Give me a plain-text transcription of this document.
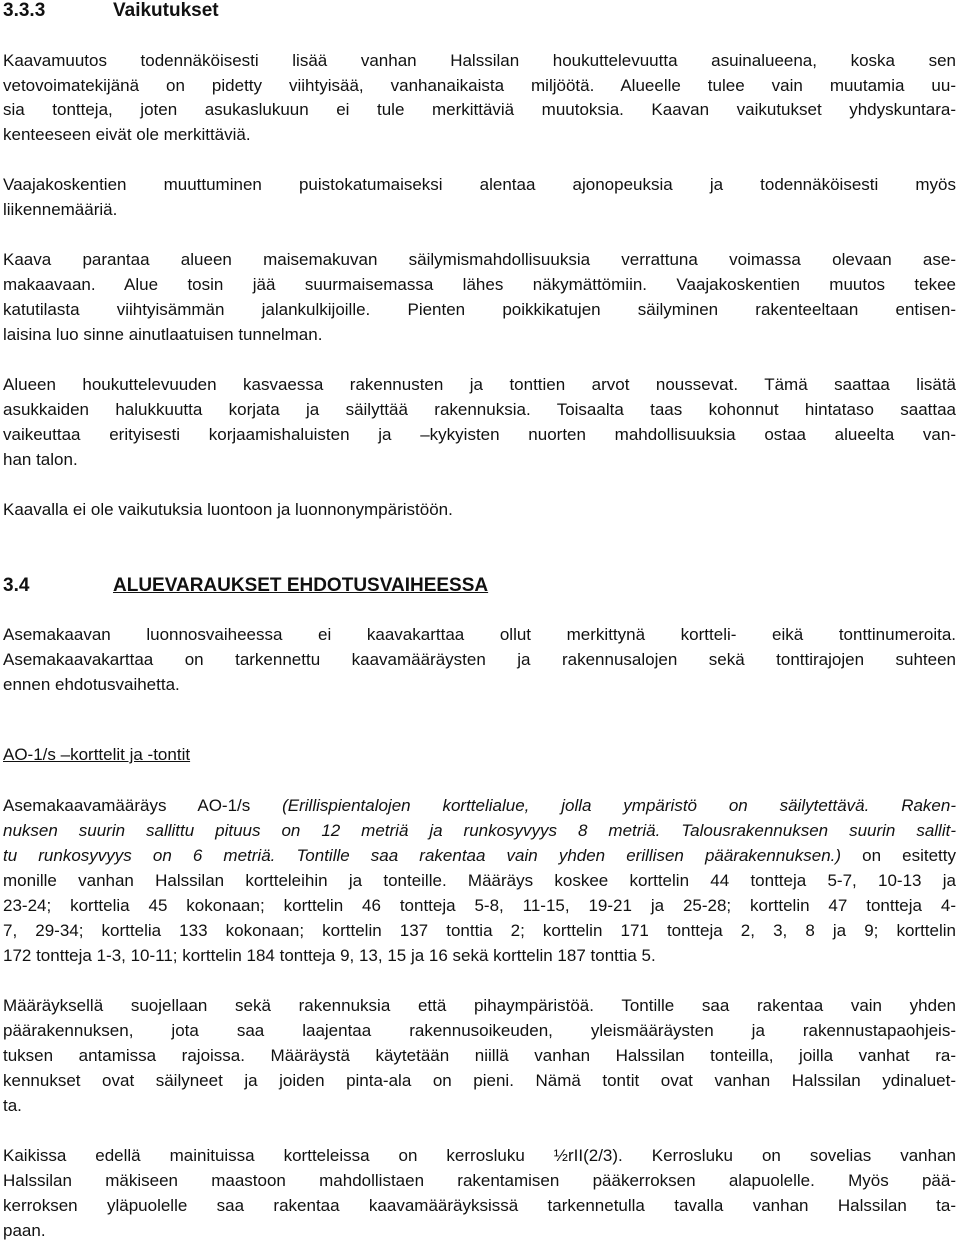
3.3.3	Vaikutukset
Kaavamuutos todennäköisesti lisää vanhan Halssilan houkuttelevuutta asuinalueena, koska sen
vetovoimatekijänä on pidetty viihtyisää, vanhanaikaista miljöötä. Alueelle tulee vain muutamia uu-
sia tontteja, joten asukaslukuun ei tule merkittäviä muutoksia. Kaavan vaikutukset yhdyskuntara-
kenteeseen eivät ole merkittäviä.
Vaajakoskentien muuttuminen puistokatumaiseksi alentaa ajonopeuksia ja todennäköisesti myös
liikennemääriä.
Kaava parantaa alueen maisemakuvan säilymismahdollisuuksia verrattuna voimassa olevaan ase-
makaavaan. Alue tosin jää suurmaisemassa lähes näkymättömiin. Vaajakoskentien muutos tekee
katutilasta viihtyisämmän jalankulkijoille. Pienten poikkikatujen säilyminen rakenteeltaan entisen-
laisina luo sinne ainutlaatuisen tunnelman.
Alueen houkuttelevuuden kasvaessa rakennusten ja tonttien arvot noussevat. Tämä saattaa lisätä
asukkaiden halukkuutta korjata ja säilyttää rakennuksia. Toisaalta taas kohonnut hintataso saattaa
vaikeuttaa erityisesti korjaamishaluisten ja –kykyisten nuorten mahdollisuuksia ostaa alueelta van-
han talon.
Kaavalla ei ole vaikutuksia luontoon ja luonnonympäristöön.
3.4	ALUEVARAUKSET EHDOTUSVAIHEESSA
Asemakaavan luonnosvaiheessa ei kaavakarttaa ollut merkittynä kortteli- eikä tonttinumeroita.
Asemakaavakarttaa on tarkennettu kaavamääräysten ja rakennusalojen sekä tonttirajojen suhteen
ennen ehdotusvaihetta.
AO-1/s –korttelit ja -tontit
Asemakaavamääräys AO-1/s (Erillispientalojen korttelialue, jolla ympäristö on säilytettävä. Raken-
nuksen suurin sallittu pituus on 12 metriä ja runkosyvyys 8 metriä. Talousrakennuksen suurin sallit-
tu runkosyvyys on 6 metriä. Tontille saa rakentaa vain yhden erillisen päärakennuksen.) on esitetty
monille vanhan Halssilan kortteleihin ja tonteille. Määräys koskee korttelin 44 tontteja 5-7, 10-13 ja
23-24; korttelia 45 kokonaan; korttelin 46 tontteja 5-8, 11-15, 19-21 ja 25-28; korttelin 47 tontteja 4-
7, 29-34; korttelia 133 kokonaan; korttelin 137 tonttia 2; korttelin 171 tontteja 2, 3, 8 ja 9; korttelin
172 tontteja 1-3, 10-11; korttelin 184 tontteja 9, 13, 15 ja 16 sekä korttelin 187 tonttia 5.
Määräyksellä suojellaan sekä rakennuksia että pihaympäristöä. Tontille saa rakentaa vain yhden
päärakennuksen, jota saa laajentaa rakennusoikeuden, yleismääräysten ja rakennustapaohjeis-
tuksen antamissa rajoissa. Määräystä käytetään niillä vanhan Halssilan tonteilla, joilla vanhat ra-
kennukset ovat säilyneet ja joiden pinta-ala on pieni. Nämä tontit ovat vanhan Halssilan ydinaluet-
ta.
Kaikissa edellä mainituissa kortteleissa on kerrosluku ½rII(2/3). Kerrosluku on sovelias vanhan
Halssilan mäkiseen maastoon mahdollistaen rakentamisen pääkerroksen alapuolelle. Myös pää-
kerroksen yläpuolelle saa rakentaa kaavamääräyksissä tarkennetulla tavalla vanhan Halssilan ta-
paan.
